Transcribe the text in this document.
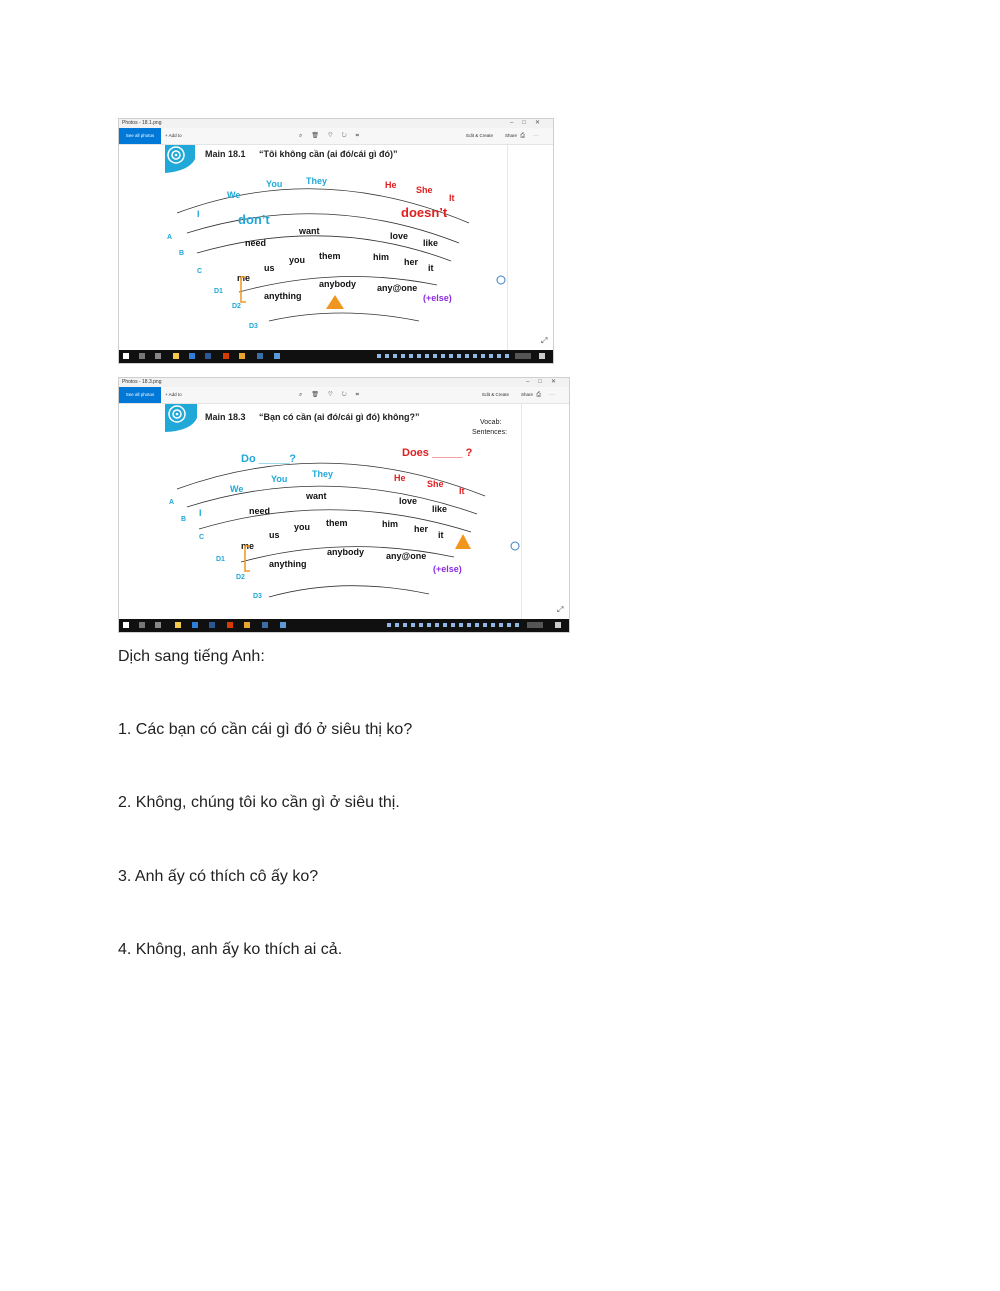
Photos - 18.1.png	–□✕
See all photos	+ Add to	⌕🗑♡↻⌗	Edit & Create	Share ⎙⋯
Main 18.1 “Tôi không cần (ai đó/cái gì đó)”
A
B
C
D1
D2
D3
I
We
You	They
don’t
He She
It
doesn’t
need
want	love
like
me
us
you them	him her
it
anything
anybody any@one
(+else)
⤢
Photos - 18.3.png	–□✕
See all photos	+ Add to	⌕🗑♡↻⌗	Edit & Create	Share ⎙⋯
Main 18.3 “Bạn có cần (ai đó/cái gì đó) không?”
Vocab:
Sentences:
Do _____?	Does _____ ?
A
B
C
D1
D2
D3
I
We
You	They	He
She
It
need
want	love
like
me
us
you them	him her
it
anything
anybody any@one
(+else)
⤢

Dịch sang tiếng Anh:

1. Các bạn có cần cái gì đó ở siêu thị ko?

2. Không, chúng tôi ko cần gì ở siêu thị.

3. Anh ấy có thích cô ấy ko?

4. Không, anh ấy ko thích ai cả.
